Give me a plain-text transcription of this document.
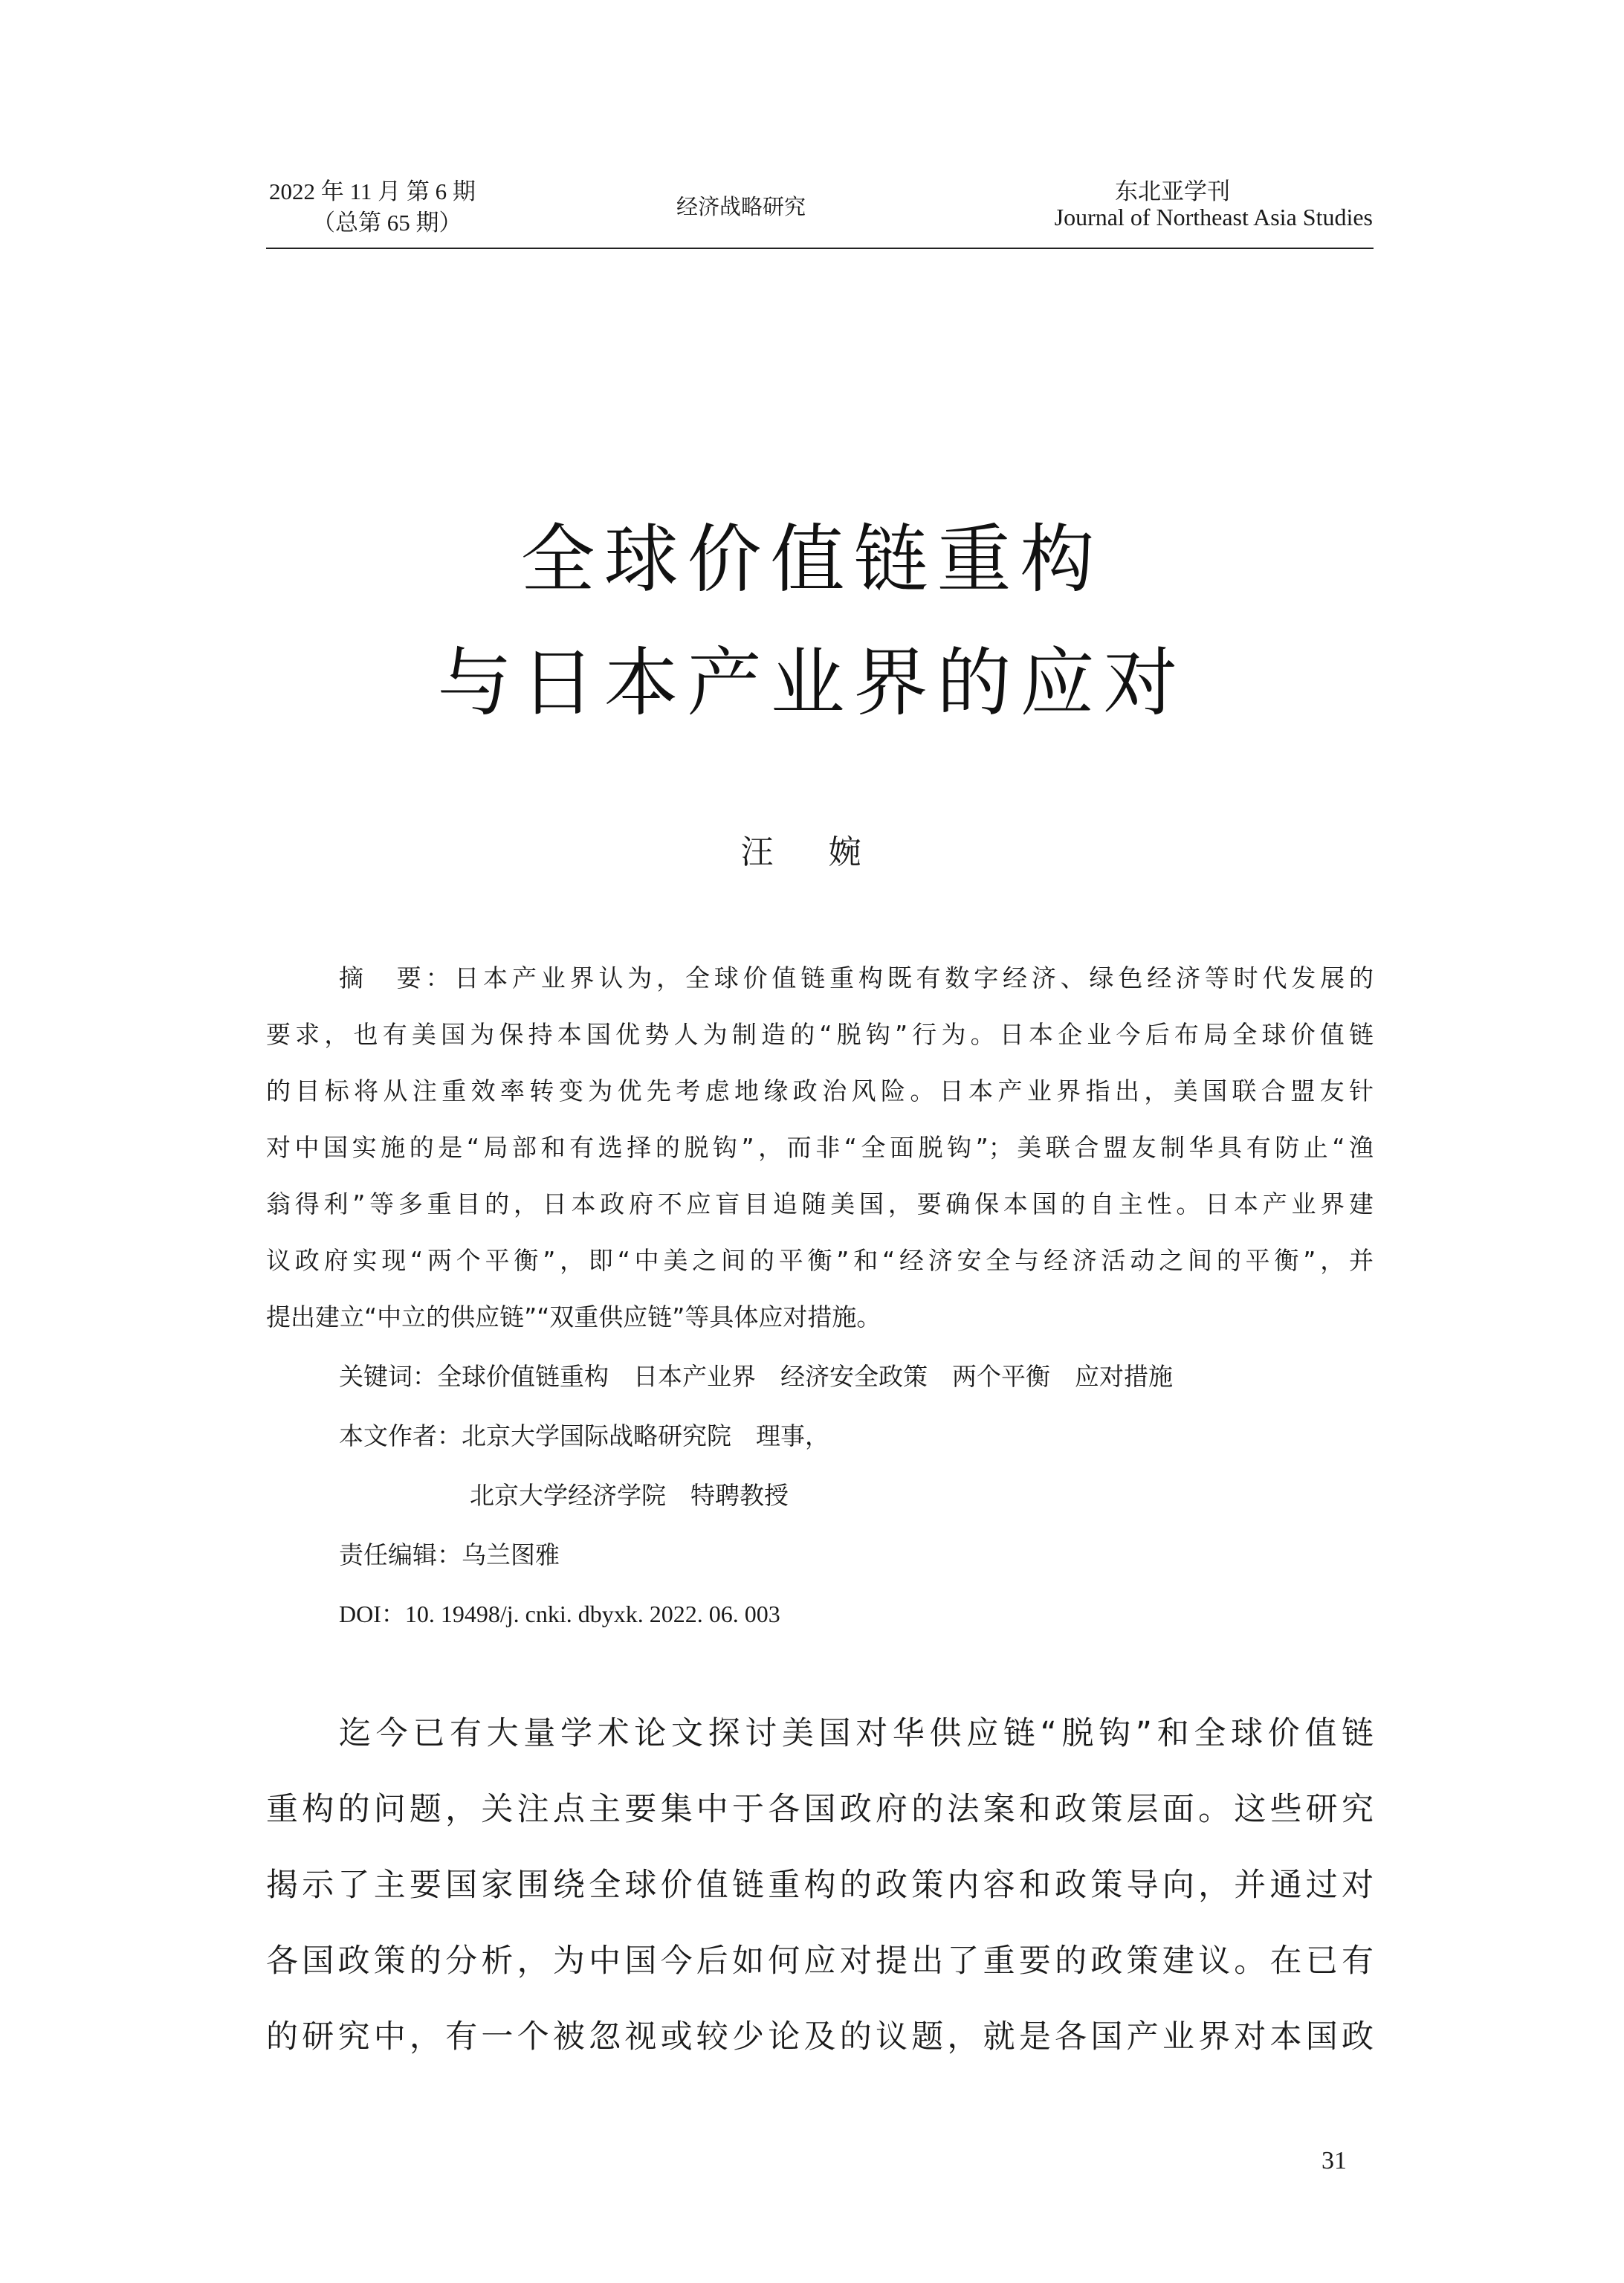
2022 年 11 月 第 6 期
（总第 65 期）
经济战略研究
东北亚学刊
Journal of Northeast Asia Studies
全球价值链重构
与日本产业界的应对
汪 婉
摘　要：日本产业界认为，全球价值链重构既有数字经济、绿色经济等时代发展的
要求，也有美国为保持本国优势人为制造的“脱钩”行为。日本企业今后布局全球价值链
的目标将从注重效率转变为优先考虑地缘政治风险。日本产业界指出，美国联合盟友针
对中国实施的是“局部和有选择的脱钩”，而非“全面脱钩”；美联合盟友制华具有防止“渔
翁得利”等多重目的，日本政府不应盲目追随美国，要确保本国的自主性。日本产业界建
议政府实现“两个平衡”，即“中美之间的平衡”和“经济安全与经济活动之间的平衡”，并
提出建立“中立的供应链”“双重供应链”等具体应对措施。
关键词：全球价值链重构　日本产业界　经济安全政策　两个平衡　应对措施
本文作者：北京大学国际战略研究院　理事，
北京大学经济学院　特聘教授
责任编辑：乌兰图雅
DOI：10. 19498/j. cnki. dbyxk. 2022. 06. 003
迄今已有大量学术论文探讨美国对华供应链“脱钩”和全球价值链
重构的问题，关注点主要集中于各国政府的法案和政策层面。这些研究
揭示了主要国家围绕全球价值链重构的政策内容和政策导向，并通过对
各国政策的分析，为中国今后如何应对提出了重要的政策建议。在已有
的研究中，有一个被忽视或较少论及的议题，就是各国产业界对本国政
31
